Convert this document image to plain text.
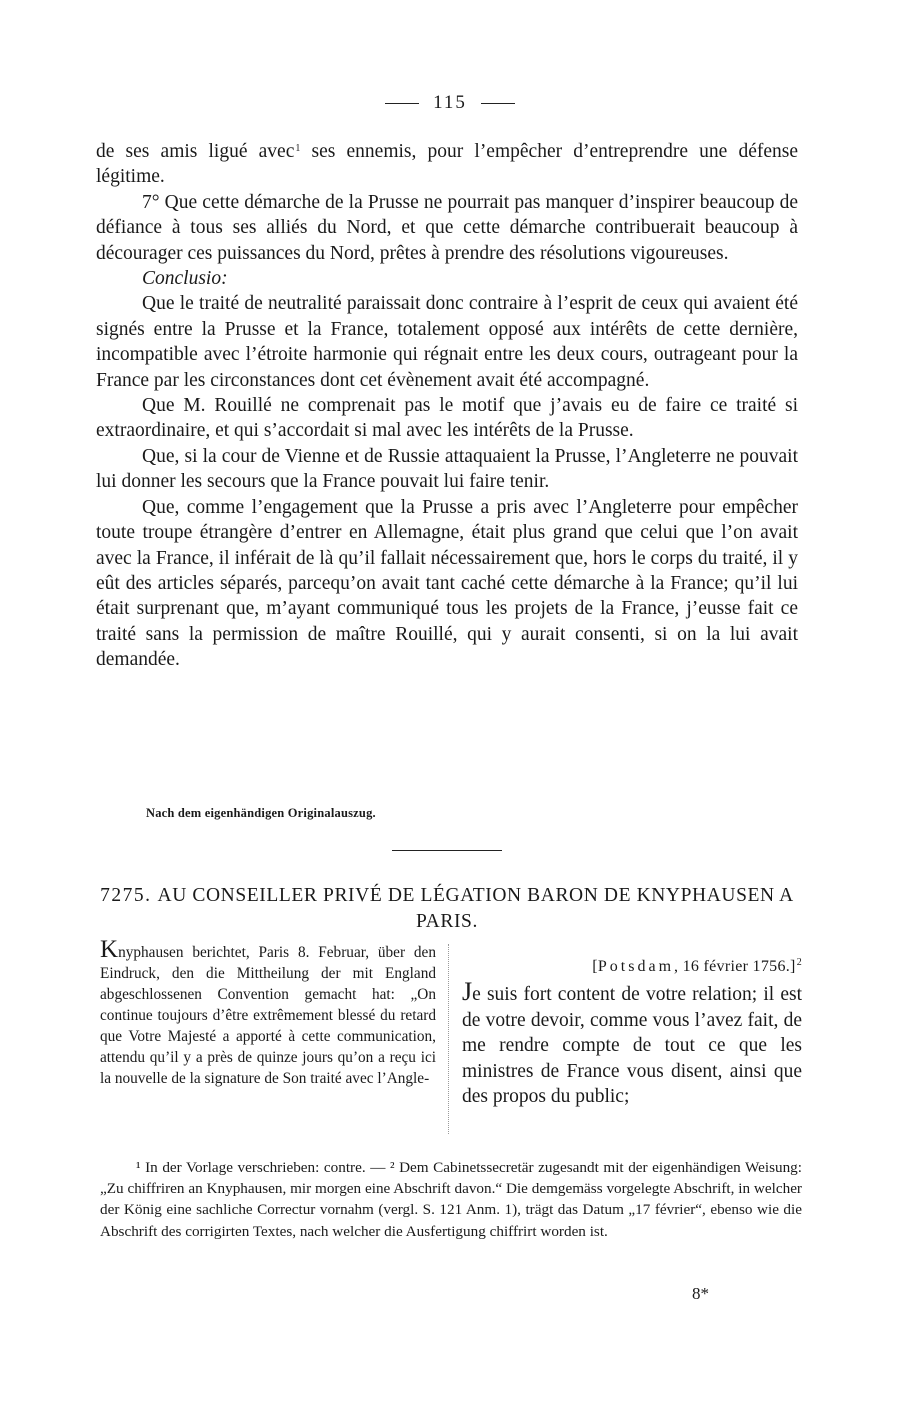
115

de ses amis ligué avec$^1$ ses ennemis, pour l’empêcher d’entreprendre une défense légitime.

7° Que cette démarche de la Prusse ne pourrait pas manquer d’inspirer beaucoup de défiance à tous ses alliés du Nord, et que cette démarche contribuerait beaucoup à décourager ces puissances du Nord, prêtes à prendre des résolutions vigoureuses.

Conclusio:

Que le traité de neutralité paraissait donc contraire à l’esprit de ceux qui avaient été signés entre la Prusse et la France, totalement opposé aux intérêts de cette dernière, incompatible avec l’étroite harmonie qui régnait entre les deux cours, outrageant pour la France par les circonstances dont cet évènement avait été accompagné.

Que M. Rouillé ne comprenait pas le motif que j’avais eu de faire ce traité si extraordinaire, et qui s’accordait si mal avec les intérêts de la Prusse.

Que, si la cour de Vienne et de Russie attaquaient la Prusse, l’Angleterre ne pouvait lui donner les secours que la France pouvait lui faire tenir.

Que, comme l’engagement que la Prusse a pris avec l’Angleterre pour empêcher toute troupe étrangère d’entrer en Allemagne, était plus grand que celui que l’on avait avec la France, il inférait de là qu’il fallait nécessairement que, hors le corps du traité, il y eût des articles séparés, parcequ’on avait tant caché cette démarche à la France; qu’il lui était surprenant que, m’ayant communiqué tous les projets de la France, j’eusse fait ce traité sans la permission de maître Rouillé, qui y aurait consenti, si on la lui avait demandée.

Nach dem eigenhändigen Originalauszug.
7275. AU CONSEILLER PRIVÉ DE LÉGATION BARON DE KNYPHAUSEN A PARIS.
Knyphausen berichtet, Paris 8. Februar, über den Eindruck, den die Mittheilung der mit England abgeschlossenen Convention gemacht hat: „On continue toujours d’être extrêmement blessé du retard que Votre Majesté a apporté à cette communication, attendu qu’il y a près de quinze jours qu’on a reçu ici la nouvelle de la signature de Son traité avec l’Angle-
[Potsdam, 16 février 1756.]$^2$
Je suis fort content de votre relation; il est de votre devoir, comme vous l’avez fait, de me rendre compte de tout ce que les ministres de France vous disent, ainsi que des propos du public;

¹ In der Vorlage verschrieben: contre. — ² Dem Cabinetssecretär zugesandt mit der eigenhändigen Weisung: „Zu chiffriren an Knyphausen, mir morgen eine Abschrift davon.“ Die demgemäss vorgelegte Abschrift, in welcher der König eine sachliche Correctur vornahm (vergl. S. 121 Anm. 1), trägt das Datum „17 février“, ebenso wie die Abschrift des corrigirten Textes, nach welcher die Ausfertigung chiffrirt worden ist.

8*
